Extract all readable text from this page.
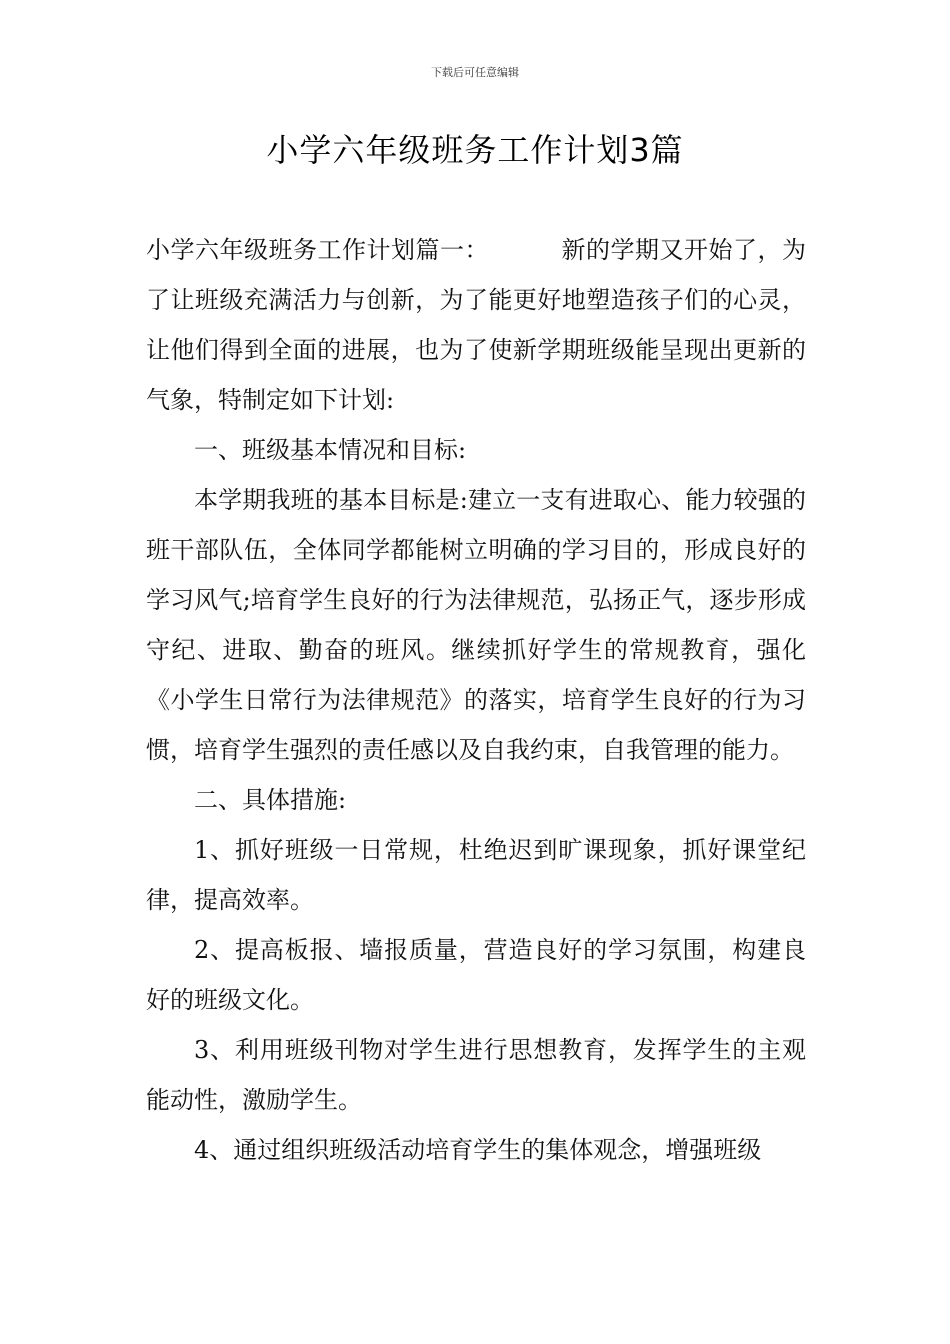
下载后可任意编辑
小学六年级班务工作计划3篇

小学六年级班务工作计划篇一：	新的学期又开始了，为了让班级充满活力与创新，为了能更好地塑造孩子们的心灵，让他们得到全面的进展，也为了使新学期班级能呈现出更新的气象，特制定如下计划:

一、班级基本情况和目标:

本学期我班的基本目标是:建立一支有进取心、能力较强的班干部队伍，全体同学都能树立明确的学习目的，形成良好的学习风气;培育学生良好的行为法律规范，弘扬正气，逐步形成守纪、进取、勤奋的班风。继续抓好学生的常规教育，强化《小学生日常行为法律规范》的落实，培育学生良好的行为习惯，培育学生强烈的责任感以及自我约束，自我管理的能力。

二、具体措施:

1、抓好班级一日常规，杜绝迟到旷课现象，抓好课堂纪律，提高效率。

2、提高板报、墙报质量，营造良好的学习氛围，构建良好的班级文化。

3、利用班级刊物对学生进行思想教育，发挥学生的主观能动性，激励学生。

4、通过组织班级活动培育学生的集体观念，增强班级
